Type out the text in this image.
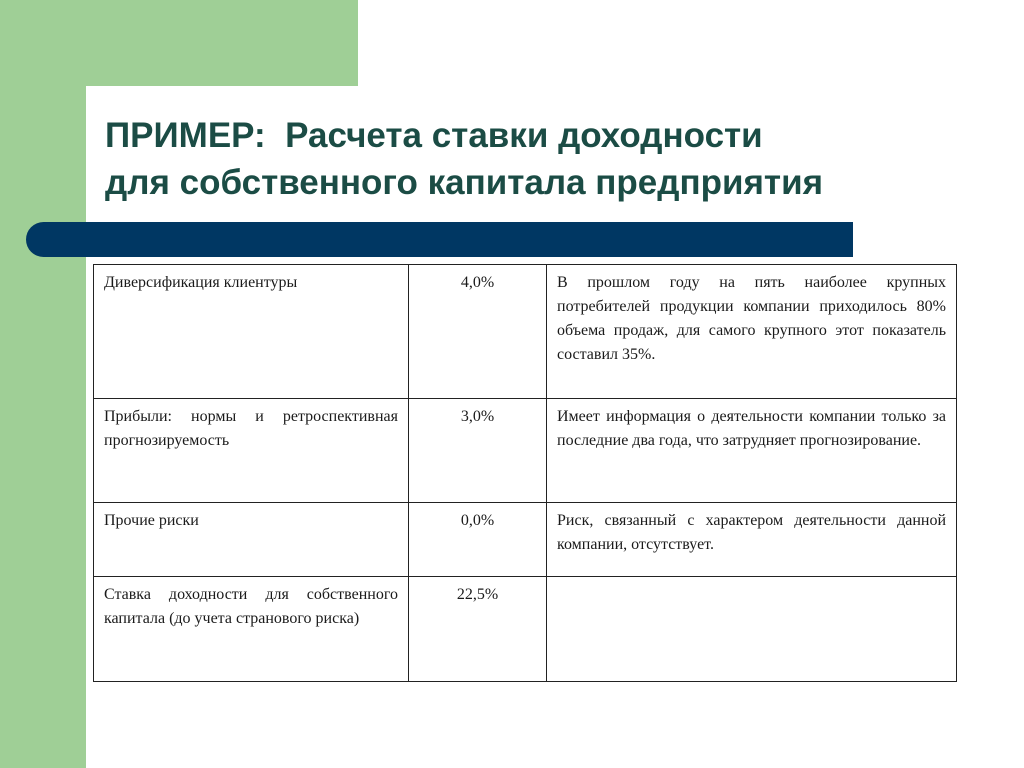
ПРИМЕР: Расчета ставки доходности
для собственного капитала предприятия
Диверсификация клиентуры	4,0%	В прошлом году на пять наиболее крупных потребителей продукции компании приходилось 80% объема продаж, для самого крупного этот показатель составил 35%.
Прибыли: нормы и ретроспективная прогнозируемость	3,0%	Имеет информация о деятельности компании только за последние два года, что затрудняет прогнозирование.
Прочие риски	0,0%	Риск, связанный с характером деятельности данной компании, отсутствует.
Ставка доходности для собственного капитала (до учета странового риска)	22,5%	
